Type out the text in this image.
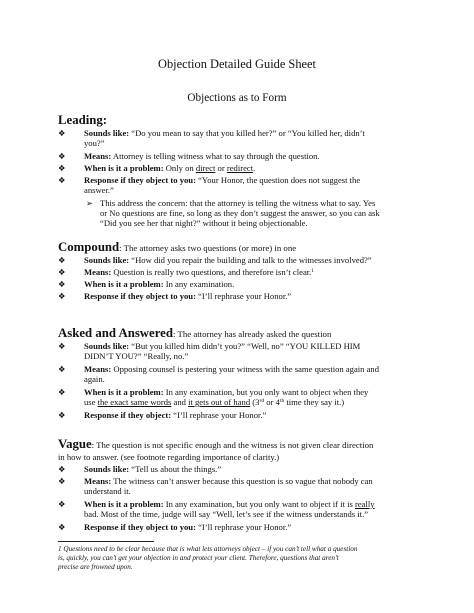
Objection Detailed Guide Sheet
Objections as to Form
Leading:
❖ Sounds like: “Do you mean to say that you killed her?” or “You killed her, didn’t
you?”
❖ Means: Attorney is telling witness what to say through the question.
❖ When is it a problem: Only on direct or redirect.
❖ Response if they object to you: “Your Honor, the question does not suggest the
answer.”
➢ This address the concern: that the attorney is telling the witness what to say. Yes
or No questions are fine, so long as they don’t suggest the answer, so you can ask
“Did you see her that night?” without it being objectionable.
Compound: The attorney asks two questions (or more) in one
❖ Sounds like: “How did you repair the building and talk to the witnesses involved?”
❖ Means: Question is really two questions, and therefore isn’t clear.$^1$
❖ When is it a problem: In any examination.
❖ Response if they object to you: “I’ll rephrase your Honor.”
Asked and Answered: The attorney has already asked the question
❖ Sounds like: “But you killed him didn’t you?” “Well, no” “YOU KILLED HIM
DIDN’T YOU?” “Really, no.”
❖ Means: Opposing counsel is pestering your witness with the same question again and
again.
❖ When is it a problem: In any examination, but you only want to object when they
use the exact same words and it gets out of hand (3rd or 4th time they say it.)
❖ Response if they object: “I’ll rephrase your Honor.”
Vague: The question is not specific enough and the witness is not given clear direction
in how to answer. (see footnote regarding importance of clarity.)
❖ Sounds like: “Tell us about the things.”
❖ Means: The witness can’t answer because this question is so vague that nobody can
understand it.
❖ When is it a problem: In any examination, but you only want to object if it is really
bad. Most of the time, judge will say “Well, let’s see if the witness understands it.”
❖ Response if they object to you: “I’ll rephrase your Honor.”
1 Questions need to be clear because that is what lets attorneys object – if you can’t tell what a question
is, quickly, you can’t get your objection in and protect your client. Therefore, questions that aren’t
precise are frowned upon.
